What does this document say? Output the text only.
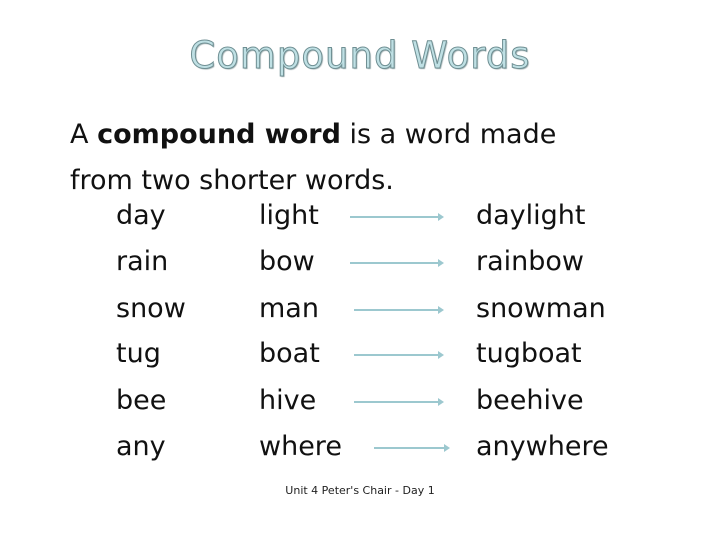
Compound Words
A compound word is a word made
from two shorter words.
day	light	daylight
rain	bow	rainbow
snow	man	snowman
tug	boat	tugboat
bee	hive	beehive
any	where	anywhere
Unit 4 Peter's Chair - Day 1
